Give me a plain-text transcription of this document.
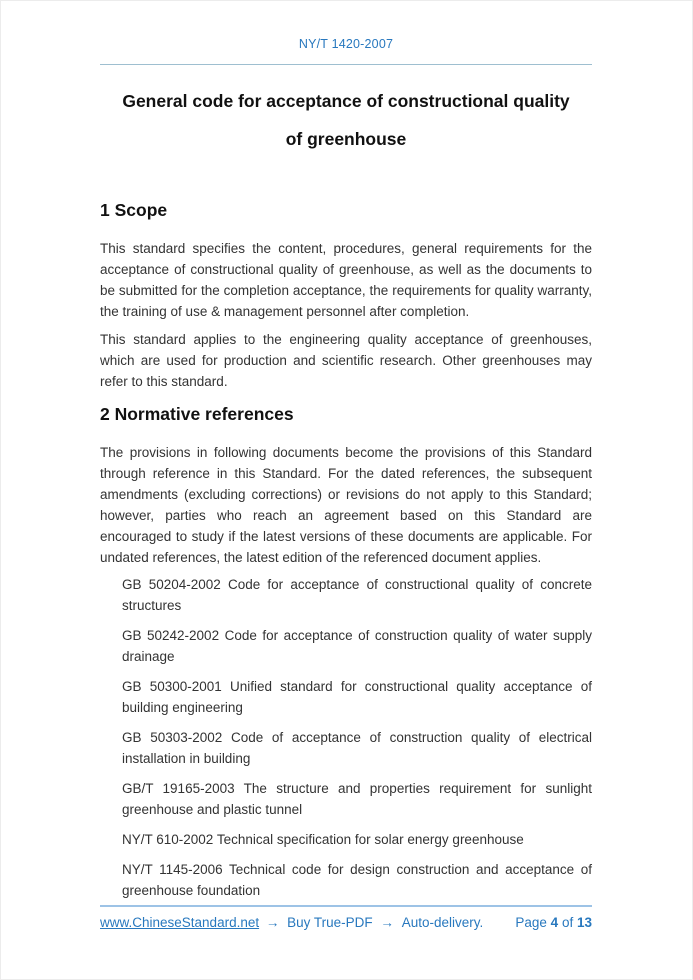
NY/T 1420-2007
General code for acceptance of constructional quality
of greenhouse
1 Scope

This standard specifies the content, procedures, general requirements for the acceptance of constructional quality of greenhouse, as well as the documents to be submitted for the completion acceptance, the requirements for quality warranty, the training of use & management personnel after completion.

This standard applies to the engineering quality acceptance of greenhouses, which are used for production and scientific research. Other greenhouses may refer to this standard.

2 Normative references

The provisions in following documents become the provisions of this Standard through reference in this Standard. For the dated references, the subsequent amendments (excluding corrections) or revisions do not apply to this Standard; however, parties who reach an agreement based on this Standard are encouraged to study if the latest versions of these documents are applicable. For undated references, the latest edition of the referenced document applies.

GB 50204-2002 Code for acceptance of constructional quality of concrete structures

GB 50242-2002 Code for acceptance of construction quality of water supply drainage

GB 50300-2001 Unified standard for constructional quality acceptance of building engineering

GB 50303-2002 Code of acceptance of construction quality of electrical installation in building

GB/T 19165-2003 The structure and properties requirement for sunlight greenhouse and plastic tunnel

NY/T 610-2002 Technical specification for solar energy greenhouse

NY/T 1145-2006 Technical code for design construction and acceptance of greenhouse foundation

www.ChineseStandard.net → Buy True-PDF → Auto-delivery. Page 4 of 13
